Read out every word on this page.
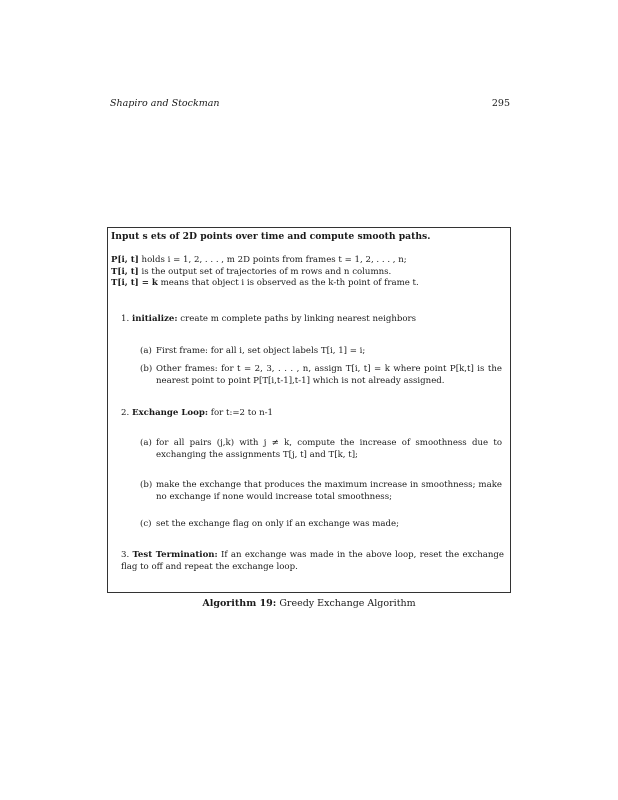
Shapiro and Stockman	295
Input s ets of 2D points over time and compute smooth paths.
P[i, t] holds i = 1, 2, . . . , m 2D points from frames t = 1, 2, . . . , n;
T[i, t] is the output set of trajectories of m rows and n columns.
T[i, t] = k means that object i is observed as the k-th point of frame t.
1. initialize: create m complete paths by linking nearest neighbors
(a) First frame: for all i, set object labels T[i, 1] = i;
(b) Other frames: for t = 2, 3, . . . , n, assign T[i, t] = k where point P[k,t] is the nearest point to point P[T[i,t-1],t-1] which is not already assigned.
2. Exchange Loop: for t:=2 to n-1
(a) for all pairs (j,k) with j ≠ k, compute the increase of smoothness due to exchanging the assignments T[j, t] and T[k, t];
(b) make the exchange that produces the maximum increase in smoothness; make no exchange if none would increase total smoothness;
(c) set the exchange flag on only if an exchange was made;
3. Test Termination: If an exchange was made in the above loop, reset the exchange flag to off and repeat the exchange loop.
Algorithm 19: Greedy Exchange Algorithm
